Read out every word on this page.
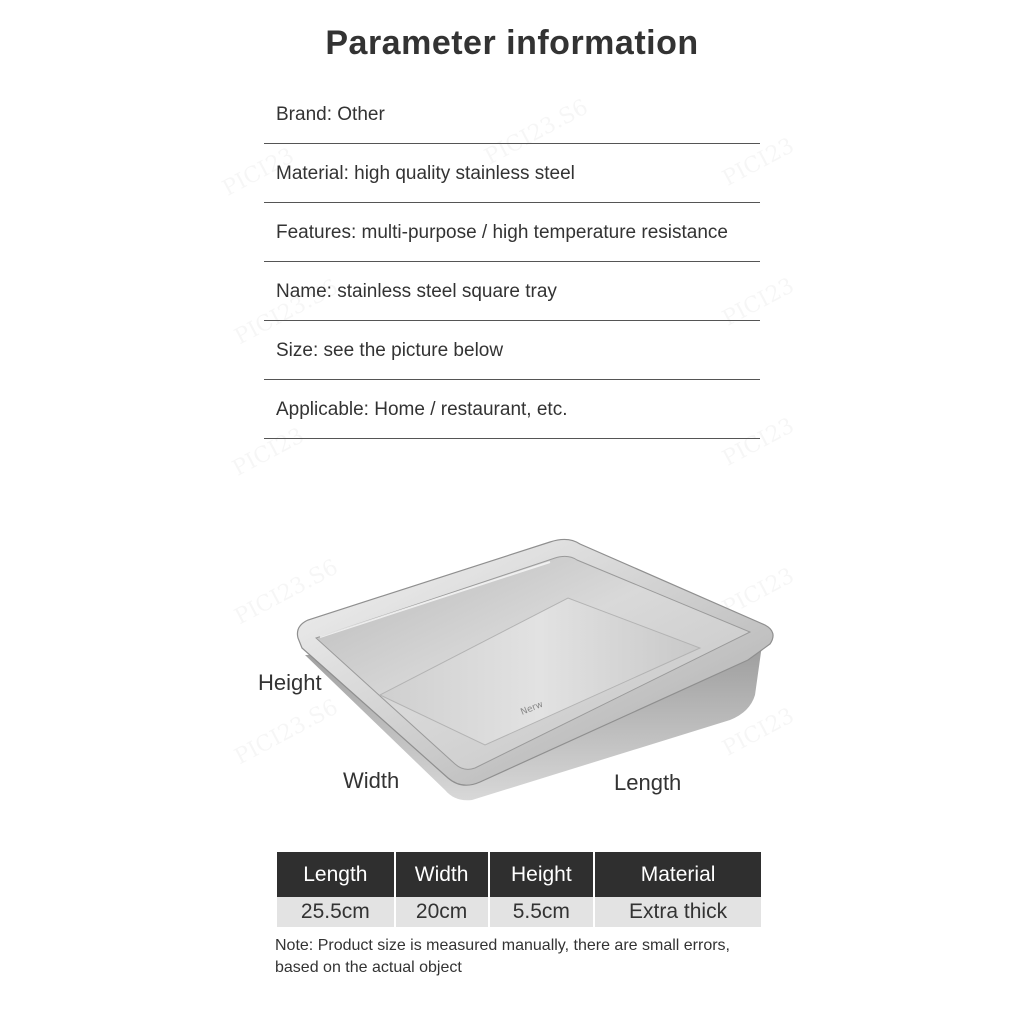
Parameter information
Brand: Other
Material: high quality stainless steel
Features: multi-purpose / high temperature resistance
Name: stainless steel square tray
Size: see the picture below
Applicable: Home / restaurant, etc.
Nerw
Height
Width	Length
Length	Width	Height	Material
25.5cm	20cm	5.5cm	Extra thick
Note: Product size is measured manually, there are small errors,
based on the actual object
